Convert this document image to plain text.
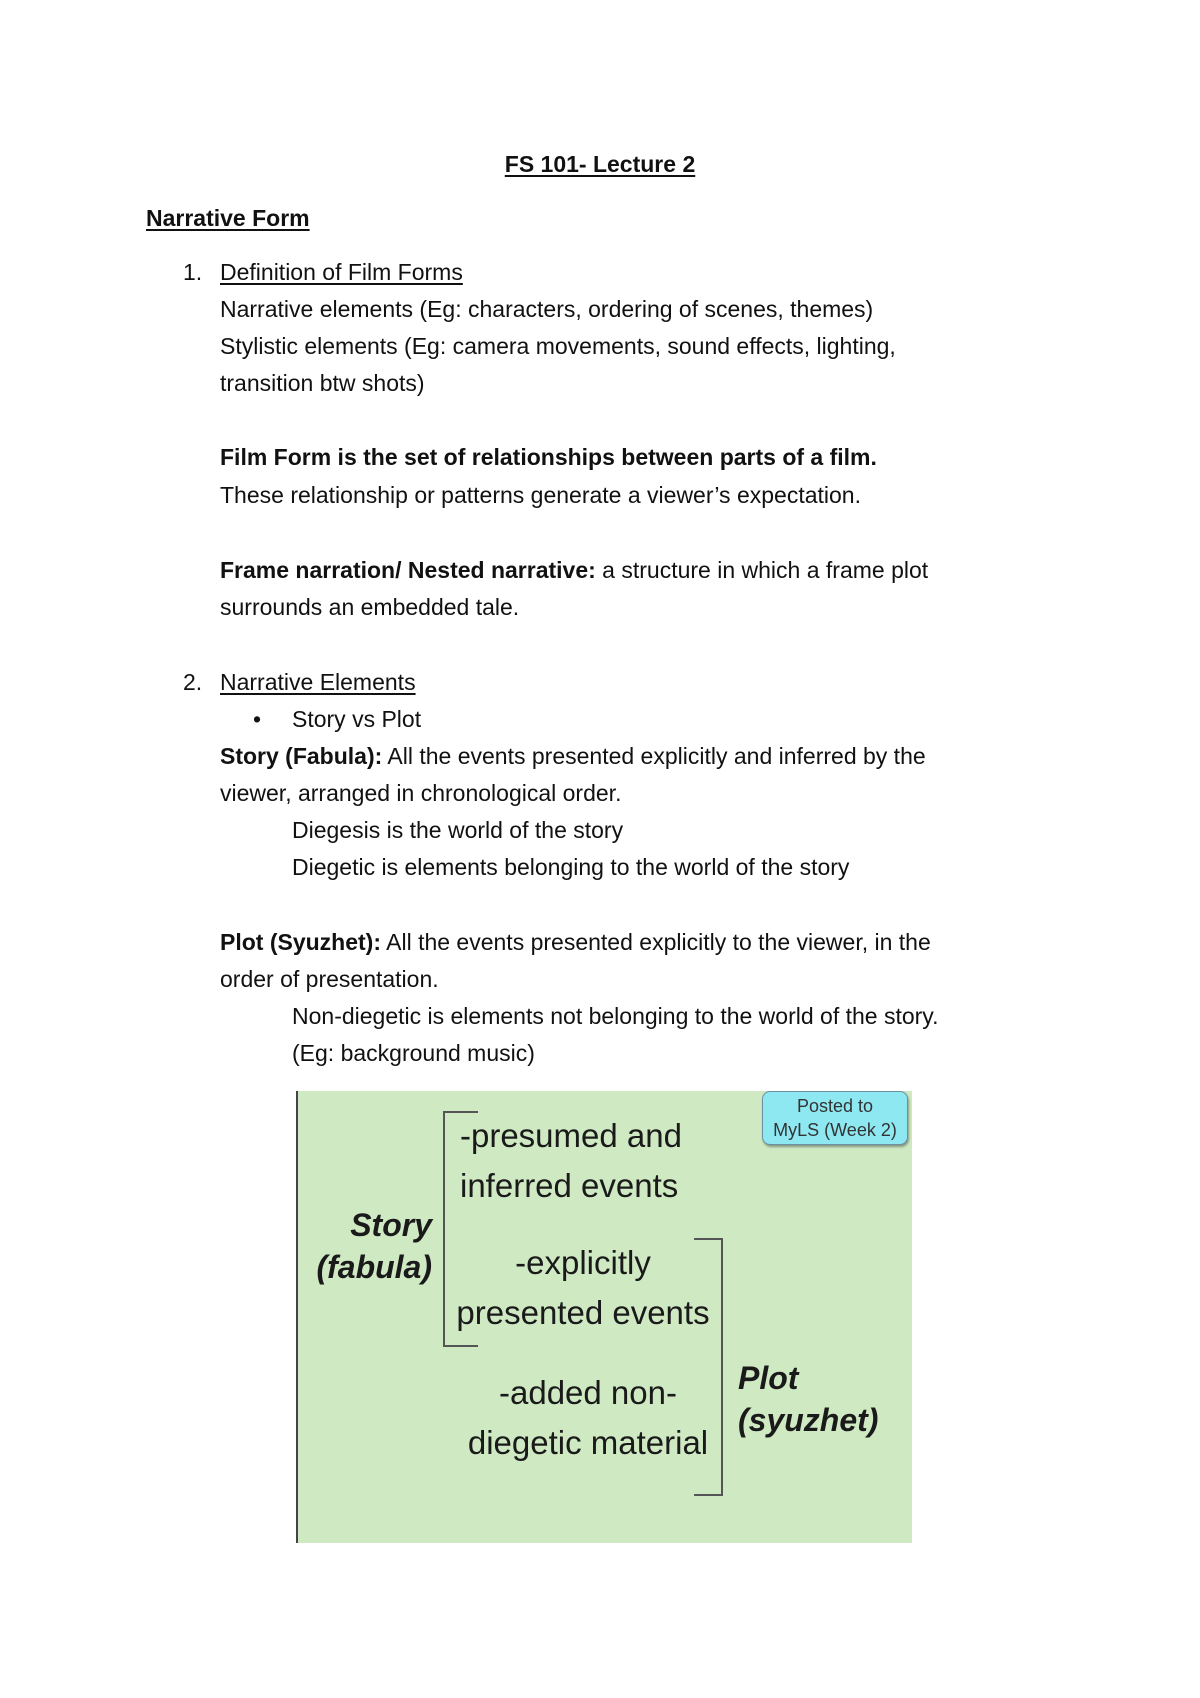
FS 101- Lecture 2
Narrative Form
1. Definition of Film Forms
Narrative elements (Eg: characters, ordering of scenes, themes)
Stylistic elements (Eg: camera movements, sound effects, lighting,
transition btw shots)
Film Form is the set of relationships between parts of a film.
These relationship or patterns generate a viewer’s expectation.
Frame narration/ Nested narrative: a structure in which a frame plot
surrounds an embedded tale.
2. Narrative Elements
• Story vs Plot
Story (Fabula): All the events presented explicitly and inferred by the
viewer, arranged in chronological order.
Diegesis is the world of the story
Diegetic is elements belonging to the world of the story
Plot (Syuzhet): All the events presented explicitly to the viewer, in the
order of presentation.
Non-diegetic is elements not belonging to the world of the story.
(Eg: background music)
Posted to
MyLS (Week 2)
Story
(fabula)
-presumed and
inferred events
-explicitly
presented events
-added non-
diegetic material
Plot
(syuzhet)
